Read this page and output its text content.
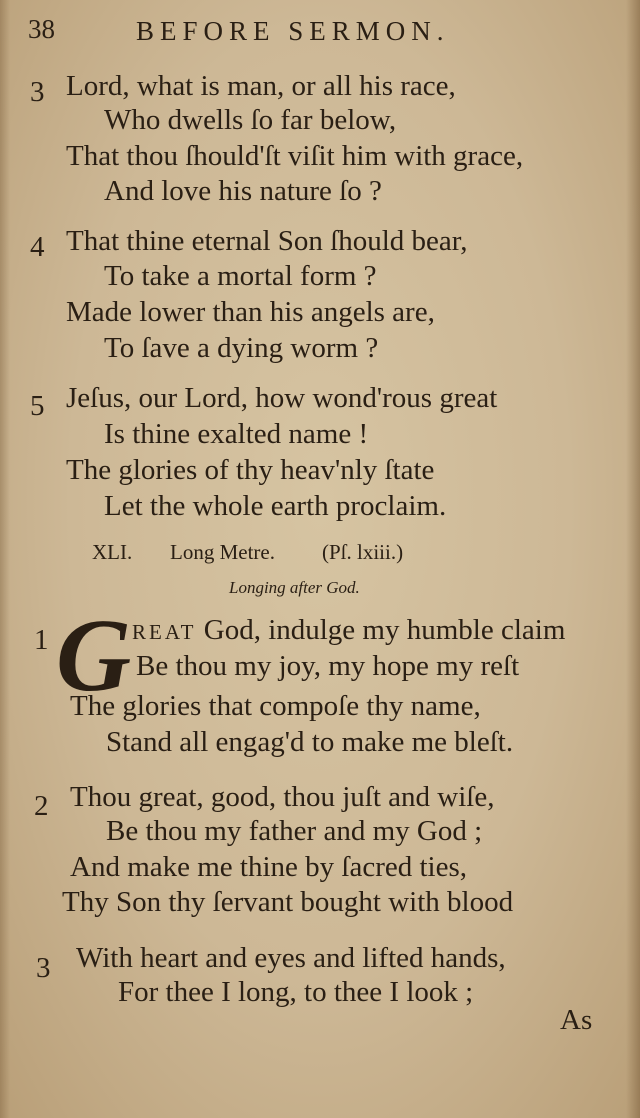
38	BEFORE SERMON.
3 Lord, what is man, or all his race,
Who dwells ſo far below,
That thou ſhould'ſt viſit him with grace,
And love his nature ſo ?
4 That thine eternal Son ſhould bear,
To take a mortal form ?
Made lower than his angels are,
To ſave a dying worm ?
5 Jeſus, our Lord, how wond'rous great
Is thine exalted name !
The glories of thy heav'nly ſtate
Let the whole earth proclaim.
XLI. Long Metre. (Pſ. lxiii.)
Longing after God.
1 G REAT God, indulge my humble claim
Be thou my joy, my hope my reſt
The glories that compoſe thy name,
Stand all engag'd to make me bleſt.
2 Thou great, good, thou juſt and wiſe,
Be thou my father and my God ;
And make me thine by ſacred ties,
Thy Son thy ſervant bought with blood
3 With heart and eyes and lifted hands,
For thee I long, to thee I look ;
As
